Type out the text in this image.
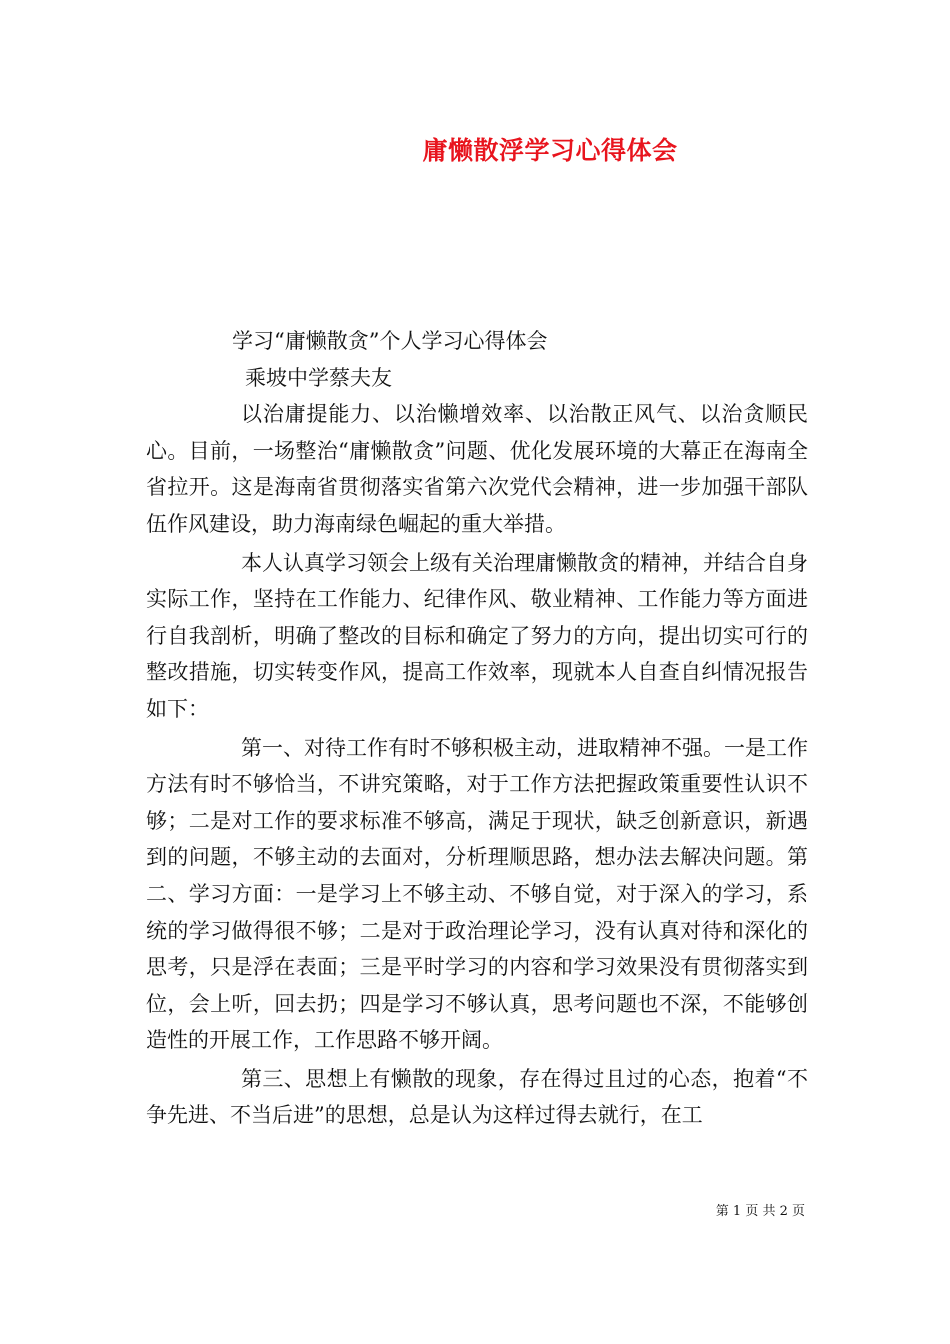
庸懒散浮学习心得体会
学习“庸懒散贪”个人学习心得体会
乘坡中学蔡夫友

以治庸提能力、以治懒增效率、以治散正风气、以治贪顺民心。目前，一场整治“庸懒散贪”问题、优化发展环境的大幕正在海南全省拉开。这是海南省贯彻落实省第六次党代会精神，进一步加强干部队伍作风建设，助力海南绿色崛起的重大举措。

本人认真学习领会上级有关治理庸懒散贪的精神，并结合自身实际工作，坚持在工作能力、纪律作风、敬业精神、工作能力等方面进行自我剖析，明确了整改的目标和确定了努力的方向，提出切实可行的整改措施，切实转变作风，提高工作效率，现就本人自查自纠情况报告如下：

第一、对待工作有时不够积极主动，进取精神不强。一是工作方法有时不够恰当，不讲究策略，对于工作方法把握政策重要性认识不够；二是对工作的要求标准不够高，满足于现状，缺乏创新意识，新遇到的问题，不够主动的去面对，分析理顺思路，想办法去解决问题。第二、学习方面：一是学习上不够主动、不够自觉，对于深入的学习，系统的学习做得很不够；二是对于政治理论学习，没有认真对待和深化的思考，只是浮在表面；三是平时学习的内容和学习效果没有贯彻落实到位，会上听，回去扔；四是学习不够认真，思考问题也不深，不能够创造性的开展工作，工作思路不够开阔。

第三、思想上有懒散的现象，存在得过且过的心态，抱着“不争先进、不当后进”的思想，总是认为这样过得去就行，在工

第 1 页 共 2 页
